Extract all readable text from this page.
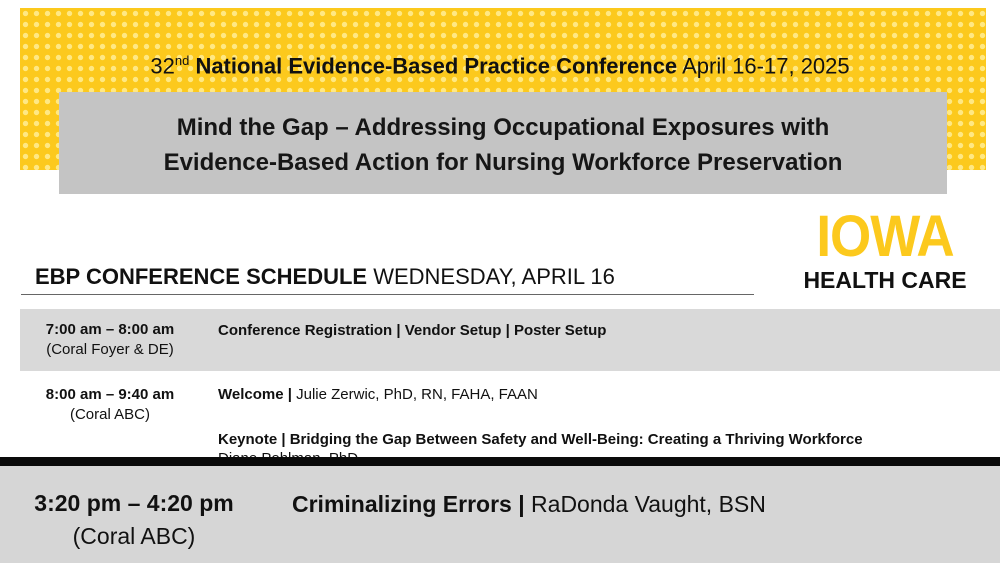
32nd National Evidence-Based Practice Conference April 16-17, 2025
Mind the Gap – Addressing Occupational Exposures with
Evidence-Based Action for Nursing Workforce Preservation
IOWA
HEALTH CARE
EBP CONFERENCE SCHEDULE WEDNESDAY, APRIL 16
7:00 am – 8:00 am
(Coral Foyer & DE)
Conference Registration | Vendor Setup | Poster Setup
8:00 am – 9:40 am
(Coral ABC)
Welcome | Julie Zerwic, PhD, RN, FAHA, FAAN
Keynote | Bridging the Gap Between Safety and Well-Being: Creating a Thriving Workforce
3:20 pm – 4:20 pm
(Coral ABC)
Criminalizing Errors | RaDonda Vaught, BSN
